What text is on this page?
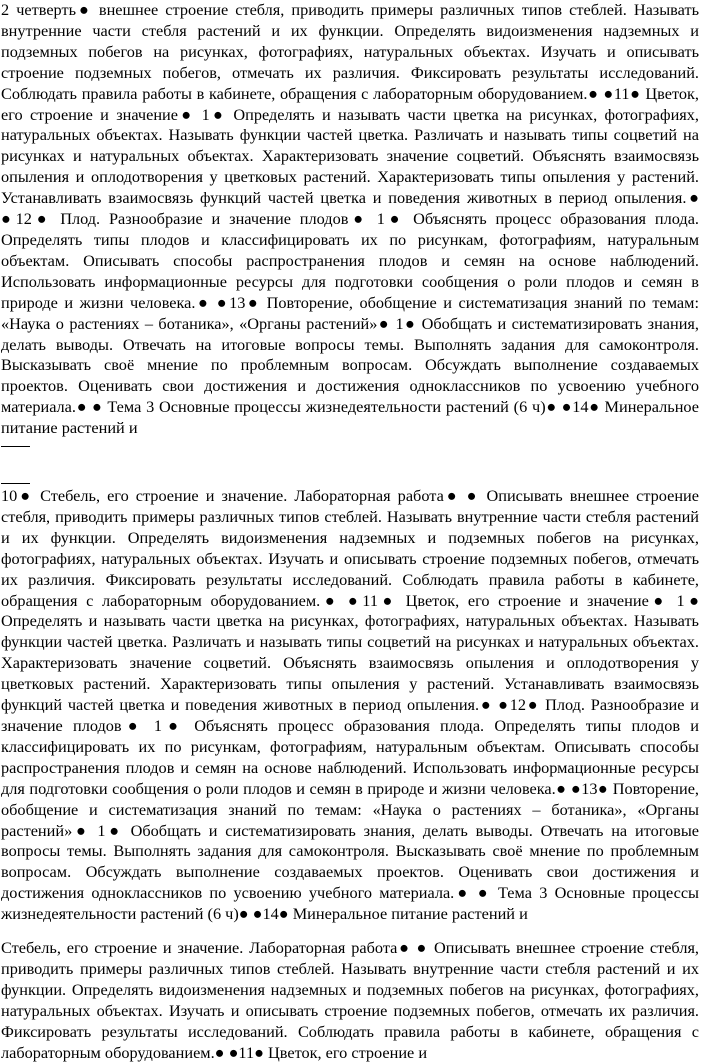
2 четверть● внешнее строение стебля, приводить примеры различных типов стеблей. Называть внутренние части стебля растений и их функции. Определять видоизменения надземных и подземных побегов на рисунках, фотографиях, натуральных объектах. Изучать и описывать строение подземных побегов, отмечать их различия. Фиксировать результаты исследований. Соблюдать правила работы в кабинете, обращения с лабораторным оборудованием.● ●11● Цветок, его строение и значение● 1● Определять и называть части цветка на рисунках, фотографиях, натуральных объектах. Называть функции частей цветка. Различать и называть типы соцветий на рисунках и натуральных объектах. Характеризовать значение соцветий. Объяснять взаимосвязь опыления и оплодотворения у цветковых растений. Характеризовать типы опыления у растений. Устанавливать взаимосвязь функций частей цветка и поведения животных в период опыления.● ●12● Плод. Разнообразие и значение плодов● 1● Объяснять процесс образования плода. Определять типы плодов и классифицировать их по рисункам, фотографиям, натуральным объектам. Описывать способы распространения плодов и семян на основе наблюдений. Использовать информационные ресурсы для подготовки сообщения о роли плодов и семян в природе и жизни человека.● ●13● Повторение, обобщение и систематизация знаний по темам: «Наука о растениях – ботаника», «Органы растений»● 1● Обобщать и систематизировать знания, делать выводы. Отвечать на итоговые вопросы темы. Выполнять задания для самоконтроля. Высказывать своё мнение по проблемным вопросам. Обсуждать выполнение создаваемых проектов. Оценивать свои достижения и достижения одноклассников по усвоению учебного материала.● ● Тема 3 Основные процессы жизнедеятельности растений (6 ч)● ●14● Минеральное питание растений и

10● Стебель, его строение и значение. Лабораторная работа● ● Описывать внешнее строение стебля, приводить примеры различных типов стеблей. Называть внутренние части стебля растений и их функции. Определять видоизменения надземных и подземных побегов на рисунках, фотографиях, натуральных объектах. Изучать и описывать строение подземных побегов, отмечать их различия. Фиксировать результаты исследований. Соблюдать правила работы в кабинете, обращения с лабораторным оборудованием.● ●11● Цветок, его строение и значение● 1● Определять и называть части цветка на рисунках, фотографиях, натуральных объектах. Называть функции частей цветка. Различать и называть типы соцветий на рисунках и натуральных объектах. Характеризовать значение соцветий. Объяснять взаимосвязь опыления и оплодотворения у цветковых растений. Характеризовать типы опыления у растений. Устанавливать взаимосвязь функций частей цветка и поведения животных в период опыления.● ●12● Плод. Разнообразие и значение плодов● 1● Объяснять процесс образования плода. Определять типы плодов и классифицировать их по рисункам, фотографиям, натуральным объектам. Описывать способы распространения плодов и семян на основе наблюдений. Использовать информационные ресурсы для подготовки сообщения о роли плодов и семян в природе и жизни человека.● ●13● Повторение, обобщение и систематизация знаний по темам: «Наука о растениях – ботаника», «Органы растений»● 1● Обобщать и систематизировать знания, делать выводы. Отвечать на итоговые вопросы темы. Выполнять задания для самоконтроля. Высказывать своё мнение по проблемным вопросам. Обсуждать выполнение создаваемых проектов. Оценивать свои достижения и достижения одноклассников по усвоению учебного материала.● ● Тема 3 Основные процессы жизнедеятельности растений (6 ч)● ●14● Минеральное питание растений и

Стебель, его строение и значение. Лабораторная работа● ● Описывать внешнее строение стебля, приводить примеры различных типов стеблей. Называть внутренние части стебля растений и их функции. Определять видоизменения надземных и подземных побегов на рисунках, фотографиях, натуральных объектах. Изучать и описывать строение подземных побегов, отмечать их различия. Фиксировать результаты исследований. Соблюдать правила работы в кабинете, обращения с лабораторным оборудованием.● ●11● Цветок, его строение и
